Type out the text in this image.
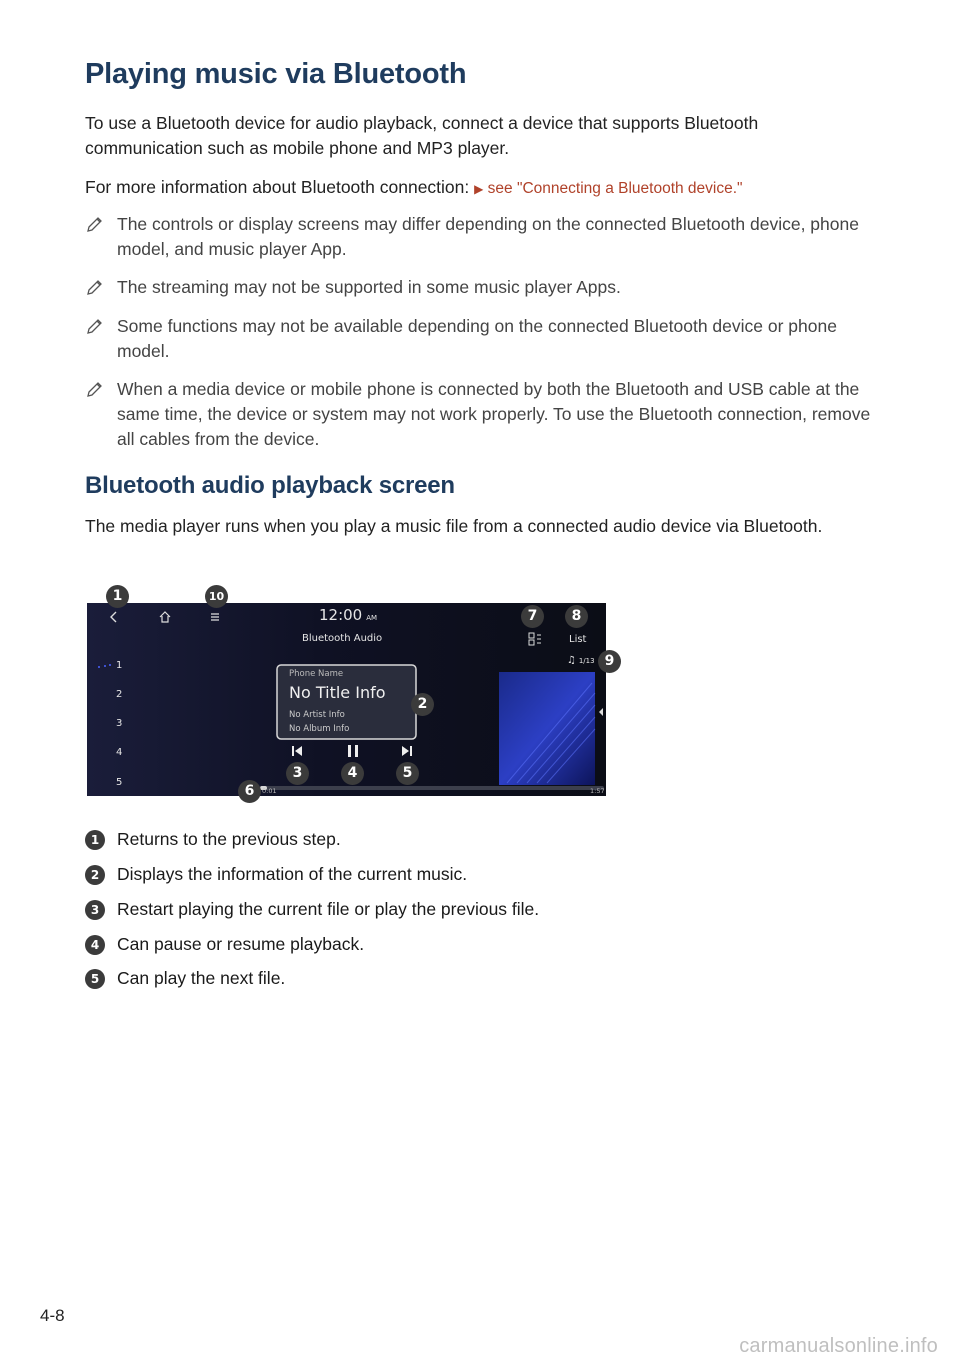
Playing music via Bluetooth
To use a Bluetooth device for audio playback, connect a device that supports Bluetooth communication such as mobile phone and MP3 player.
For more information about Bluetooth connection: ▶ see "Connecting a Bluetooth device."
The controls or display screens may differ depending on the connected Bluetooth device, phone model, and music player App.
The streaming may not be supported in some music player Apps.
Some functions may not be available depending on the connected Bluetooth device or phone model.
When a media device or mobile phone is connected by both the Bluetooth and USB cable at the same time, the device or system may not work properly. To use the Bluetooth connection, remove all cables from the device.
Bluetooth audio playback screen
The media player runs when you play a music file from a connected audio device via Bluetooth.
12:00 AM
Bluetooth Audio	List
♫ 1/13
1
2
3
4
5
Phone Name
No Title Info
No Artist Info
No Album Info
0:01	1:57
1	10
7	8
9
2
3	4	5
6
1 Returns to the previous step.
2 Displays the information of the current music.
3 Restart playing the current file or play the previous file.
4 Can pause or resume playback.
5 Can play the next file.
4-8
carmanualsonline.info
